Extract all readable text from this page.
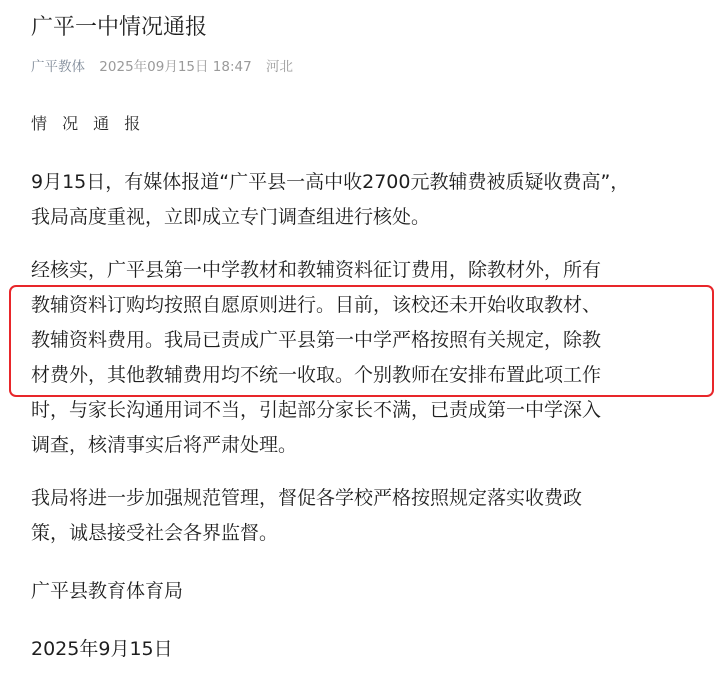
广平一中情况通报
广平教体 2025年09月15日 18:47 河北
情 况 通 报
9月15日，有媒体报道“广平县一高中收2700元教辅费被质疑收费高”，
我局高度重视，立即成立专门调查组进行核处。
经核实，广平县第一中学教材和教辅资料征订费用，除教材外，所有
教辅资料订购均按照自愿原则进行。目前，该校还未开始收取教材、
教辅资料费用。我局已责成广平县第一中学严格按照有关规定，除教
材费外，其他教辅费用均不统一收取。个别教师在安排布置此项工作
时，与家长沟通用词不当，引起部分家长不满，已责成第一中学深入
调查，核清事实后将严肃处理。
我局将进一步加强规范管理，督促各学校严格按照规定落实收费政
策，诚恳接受社会各界监督。
广平县教育体育局
2025年9月15日
